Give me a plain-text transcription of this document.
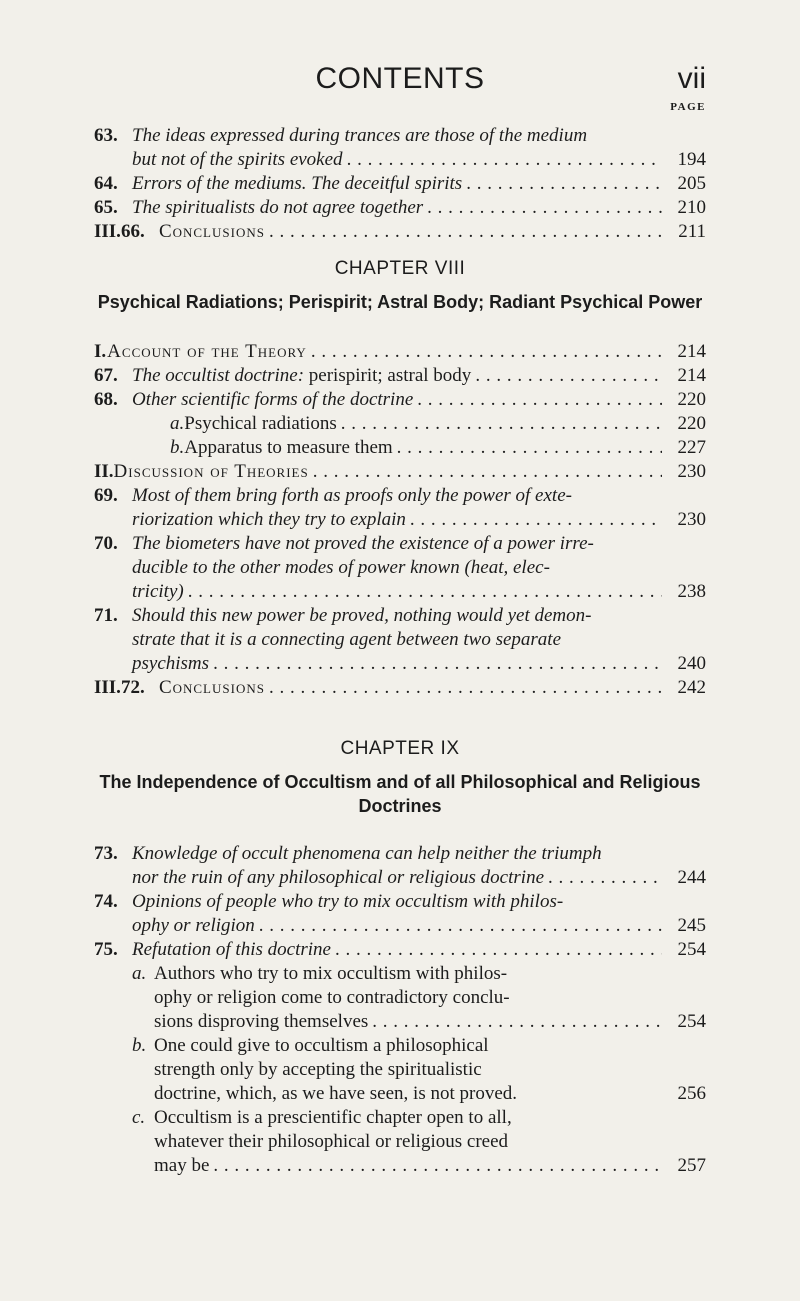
CONTENTS	vii
PAGE
63. The ideas expressed during trances are those of the medium
but not of the spirits evoked . . .	194
64. Errors of the mediums. The deceitful spirits . . .	205
65. The spiritualists do not agree together . . .	210
III. 66. Conclusions . . .	211
CHAPTER VIII
Psychical Radiations; Perispirit; Astral Body; Radiant Psychical Power
I. Account of the Theory . . .	214
67. The occultist doctrine: perispirit; astral body . . .	214
68. Other scientific forms of the doctrine . . .	220
a. Psychical radiations . . .	220
b. Apparatus to measure them . . .	227
II. Discussion of Theories . . .	230
69. Most of them bring forth as proofs only the power of exte-
riorization which they try to explain . . .	230
70. The biometers have not proved the existence of a power irre-
ducible to the other modes of power known (heat, elec-
tricity) . . .	238
71. Should this new power be proved, nothing would yet demon-
strate that it is a connecting agent between two separate
psychisms . . .	240
III. 72. Conclusions . . .	242
CHAPTER IX
The Independence of Occultism and of all Philosophical and Religious
Doctrines
73. Knowledge of occult phenomena can help neither the triumph
nor the ruin of any philosophical or religious doctrine . . .	244
74. Opinions of people who try to mix occultism with philos-
ophy or religion . . .	245
75. Refutation of this doctrine . . .	254
a. Authors who try to mix occultism with philos-
ophy or religion come to contradictory conclu-
sions disproving themselves . . .	254
b. One could give to occultism a philosophical
strength only by accepting the spiritualistic
doctrine, which, as we have seen, is not proved.	256
c. Occultism is a prescientific chapter open to all,
whatever their philosophical or religious creed
may be . . .	257
